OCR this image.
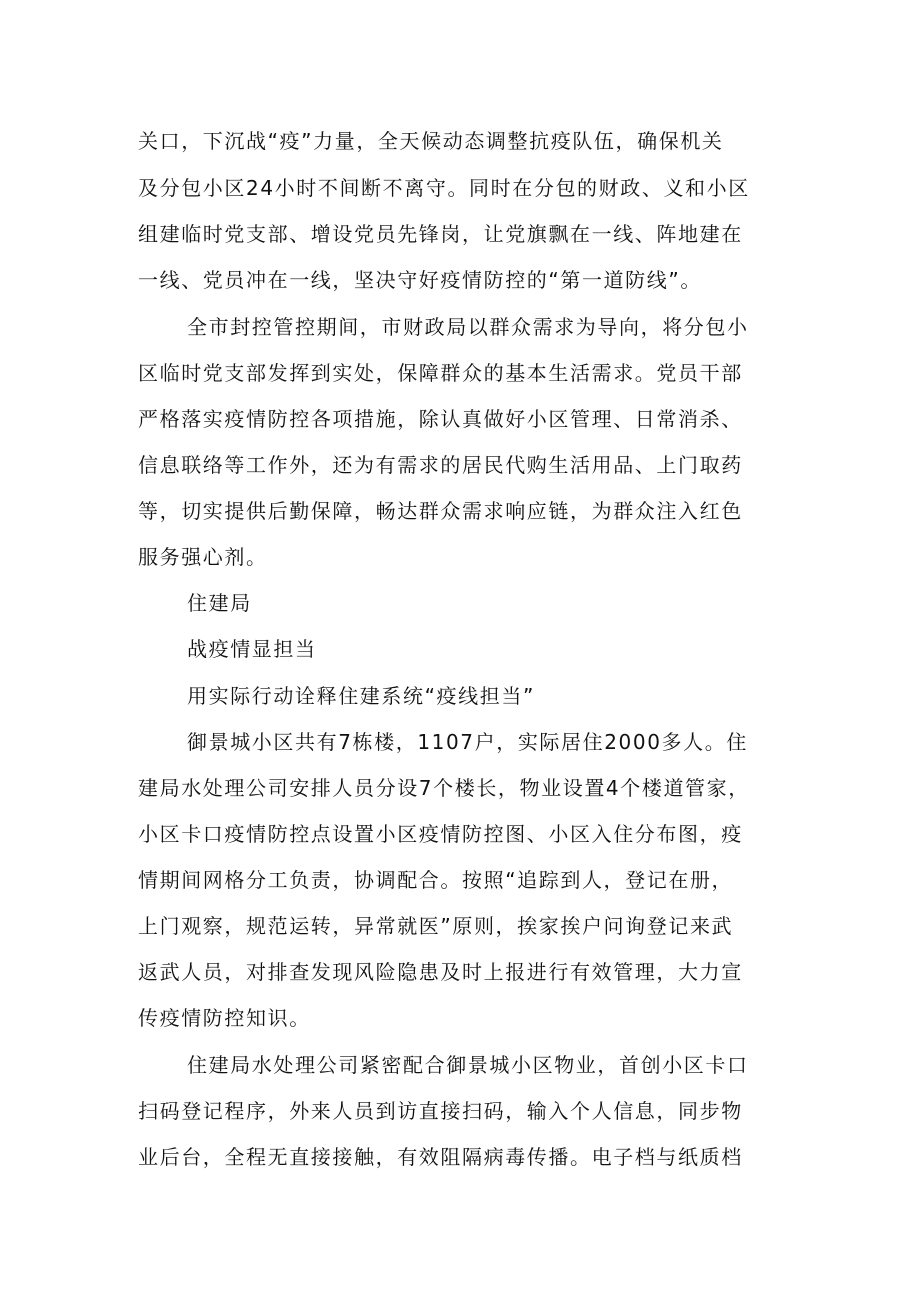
关口，下沉战“疫”力量，全天候动态调整抗疫队伍，确保机关
及分包小区24小时不间断不离守。同时在分包的财政、义和小区
组建临时党支部、增设党员先锋岗，让党旗飘在一线、阵地建在
一线、党员冲在一线，坚决守好疫情防控的“第一道防线”。
全市封控管控期间，市财政局以群众需求为导向，将分包小
区临时党支部发挥到实处，保障群众的基本生活需求。党员干部
严格落实疫情防控各项措施，除认真做好小区管理、日常消杀、
信息联络等工作外，还为有需求的居民代购生活用品、上门取药
等，切实提供后勤保障，畅达群众需求响应链，为群众注入红色
服务强心剂。
住建局
战疫情显担当
用实际行动诠释住建系统“疫线担当”
御景城小区共有7栋楼，1107户，实际居住2000多人。住
建局水处理公司安排人员分设7个楼长，物业设置4个楼道管家，
小区卡口疫情防控点设置小区疫情防控图、小区入住分布图，疫
情期间网格分工负责，协调配合。按照“追踪到人，登记在册，
上门观察，规范运转，异常就医”原则，挨家挨户问询登记来武
返武人员，对排查发现风险隐患及时上报进行有效管理，大力宣
传疫情防控知识。
住建局水处理公司紧密配合御景城小区物业，首创小区卡口
扫码登记程序，外来人员到访直接扫码，输入个人信息，同步物
业后台，全程无直接接触，有效阻隔病毒传播。电子档与纸质档
